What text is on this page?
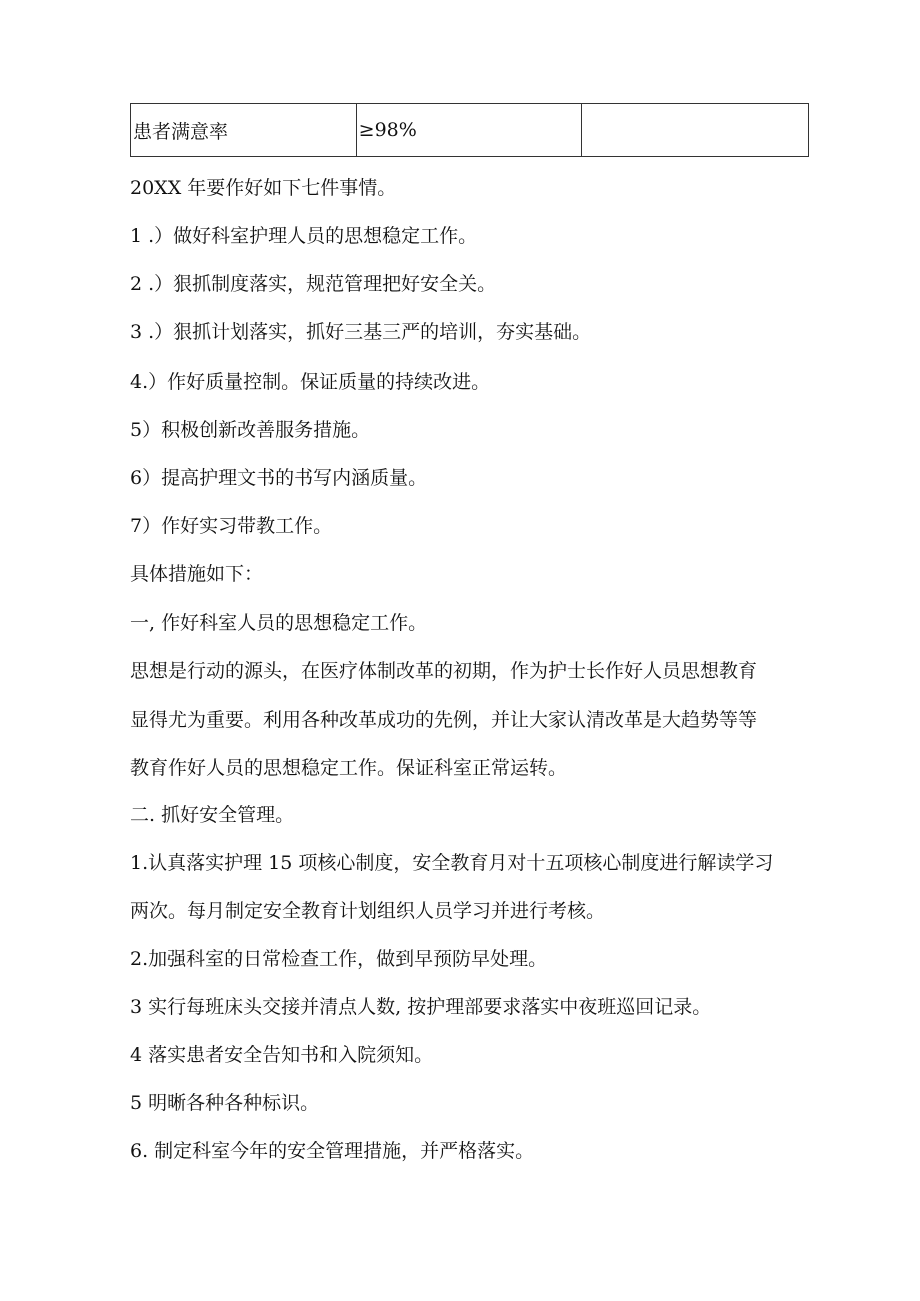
患者满意率	≥98%	
20XX 年要作好如下七件事情。
1 .）做好科室护理人员的思想稳定工作。
2 .）狠抓制度落实，规范管理把好安全关。
3 .）狠抓计划落实，抓好三基三严的培训，夯实基础。
4.）作好质量控制。保证质量的持续改进。
5）积极创新改善服务措施。
6）提高护理文书的书写内涵质量。
7）作好实习带教工作。
具体措施如下：
一, 作好科室人员的思想稳定工作。
思想是行动的源头，在医疗体制改革的初期，作为护士长作好人员思想教育
显得尤为重要。利用各种改革成功的先例，并让大家认清改革是大趋势等等
教育作好人员的思想稳定工作。保证科室正常运转。
二. 抓好安全管理。
1.认真落实护理 15 项核心制度，安全教育月对十五项核心制度进行解读学习
两次。每月制定安全教育计划组织人员学习并进行考核。
2.加强科室的日常检查工作，做到早预防早处理。
3 实行每班床头交接并清点人数, 按护理部要求落实中夜班巡回记录。
4 落实患者安全告知书和入院须知。
5 明晰各种各种标识。
6. 制定科室今年的安全管理措施，并严格落实。
